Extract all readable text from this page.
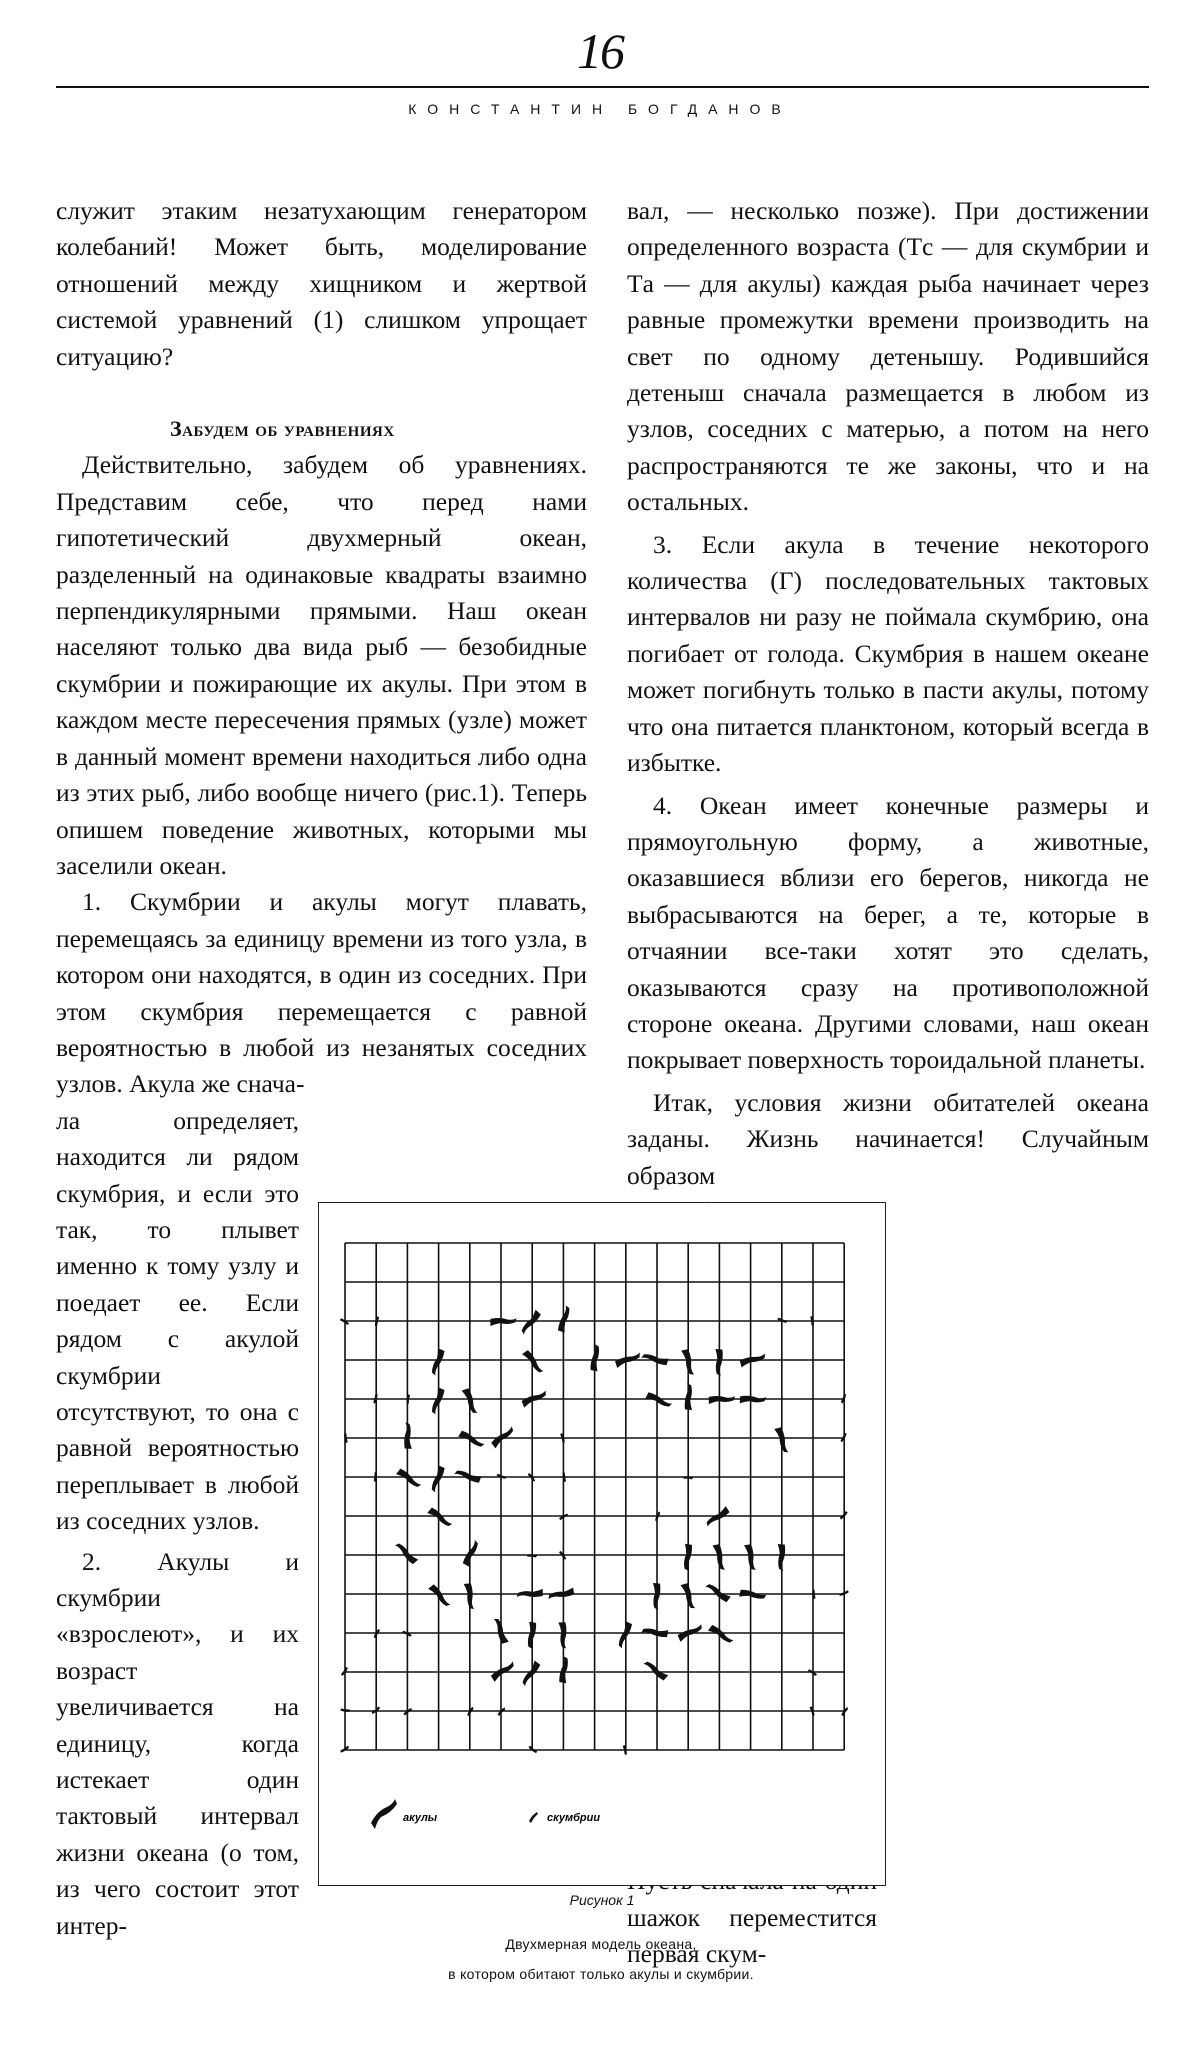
16
КОНСТАНТИН БОГДАНОВ

служит этаким незатухающим генератором колебаний! Может быть, моделирование отношений между хищником и жертвой системой уравнений (1) слишком упрощает ситуацию?

Забудем об уравнениях

Действительно, забудем об уравнениях. Представим себе, что перед нами гипотетический двухмерный океан, разделенный на одинаковые квадраты взаимно перпендикулярными прямыми. Наш океан населяют только два вида рыб — безобидные скумбрии и пожирающие их акулы. При этом в каждом месте пересечения прямых (узле) может в данный момент времени находиться либо одна из этих рыб, либо вообще ничего (рис.1). Теперь опишем поведение животных, которыми мы заселили океан.

1. Скумбрии и акулы могут плавать, перемещаясь за единицу времени из того узла, в котором они находятся, в один из соседних. При этом скумбрия перемещается с равной вероятностью в любой из незанятых соседних узлов. Акула же снача-

ла определяет, находится ли рядом скумбрия, и если это так, то плывет именно к тому узлу и поедает ее. Если рядом с акулой скумбрии отсутствуют, то она с равной вероятностью переплывает в любой из соседних узлов.

2. Акулы и скумбрии «взрослеют», и их возраст увеличивается на единицу, когда истекает один тактовый интервал жизни океана (о том, из чего состоит этот интер-

вал, — несколько позже). При достижении определенного возраста (Tс — для скумбрии и Tа — для акулы) каждая рыба начинает через равные промежутки времени производить на свет по одному детенышу. Родившийся детеныш сначала размещается в любом из узлов, соседних с матерью, а потом на него распространяются те же законы, что и на остальных.

3. Если акула в течение некоторого количества (Г) последовательных тактовых интервалов ни разу не поймала скумбрию, она погибает от голода. Скумбрия в нашем океане может погибнуть только в пасти акулы, потому что она питается планктоном, который всегда в избытке.

4. Океан имеет конечные размеры и прямоугольную форму, а животные, оказавшиеся вблизи его берегов, никогда не выбрасываются на берег, а те, которые в отчаянии все-таки хотят это сделать, оказываются сразу на противоположной стороне океана. Другими словами, наш океан покрывает поверхность тороидальной планеты.

Итак, условия жизни обитателей океана заданы. Жизнь начинается! Случайным образом

шажок переместится первая скум-

акулы	скумбрии
Рисунок 1
Двухмерная модель океана,
в котором обитают только акулы и скумбрии.
